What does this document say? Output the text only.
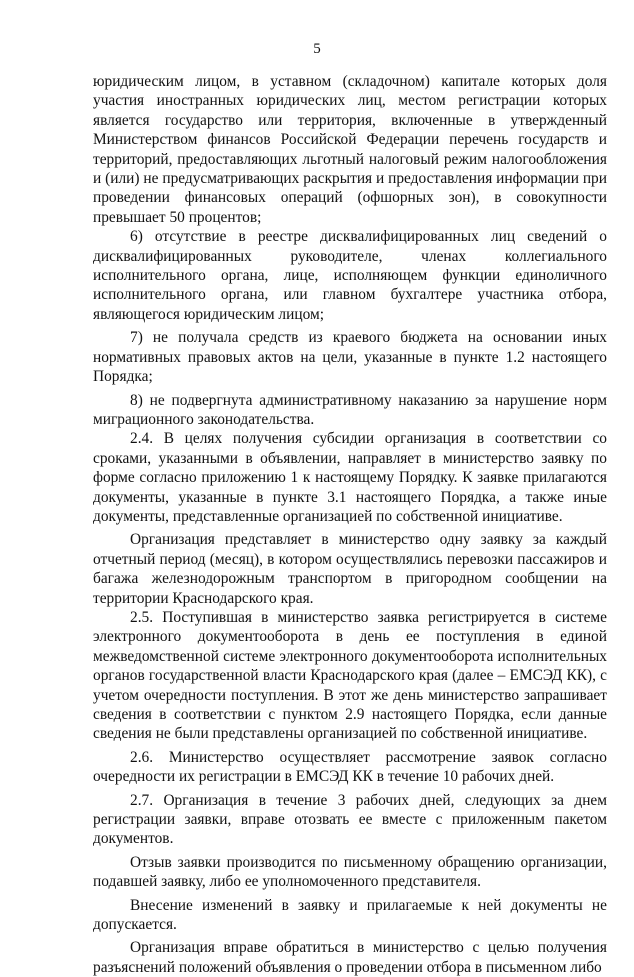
5

юридическим лицом, в уставном (складочном) капитале которых доля участия иностранных юридических лиц, местом регистрации которых является государство или территория, включенные в утвержденный Министерством финансов Российской Федерации перечень государств и территорий, предоставляющих льготный налоговый режим налогообложения и (или) не предусматривающих раскрытия и предоставления информации при проведении финансовых операций (офшорных зон), в совокупности превышает 50 процентов;

6) отсутствие в реестре дисквалифицированных лиц сведений о дисквалифицированных руководителе, членах коллегиального исполнительного органа, лице, исполняющем функции единоличного исполнительного органа, или главном бухгалтере участника отбора, являющегося юридическим лицом;

7) не получала средств из краевого бюджета на основании иных нормативных правовых актов на цели, указанные в пункте 1.2 настоящего Порядка;

8) не подвергнута административному наказанию за нарушение норм миграционного законодательства.

2.4. В целях получения субсидии организация в соответствии со сроками, указанными в объявлении, направляет в министерство заявку по форме согласно приложению 1 к настоящему Порядку. К заявке прилагаются документы, указанные в пункте 3.1 настоящего Порядка, а также иные документы, представленные организацией по собственной инициативе.

Организация представляет в министерство одну заявку за каждый отчетный период (месяц), в котором осуществлялись перевозки пассажиров и багажа железнодорожным транспортом в пригородном сообщении на территории Краснодарского края.

2.5. Поступившая в министерство заявка регистрируется в системе электронного документооборота в день ее поступления в единой межведомственной системе электронного документооборота исполнительных органов государственной власти Краснодарского края (далее – ЕМСЭД КК), с учетом очередности поступления. В этот же день министерство запрашивает сведения в соответствии с пунктом 2.9 настоящего Порядка, если данные сведения не были представлены организацией по собственной инициативе.

2.6. Министерство осуществляет рассмотрение заявок согласно очередности их регистрации в ЕМСЭД КК в течение 10 рабочих дней.

2.7. Организация в течение 3 рабочих дней, следующих за днем регистрации заявки, вправе отозвать ее вместе с приложенным пакетом документов.

Отзыв заявки производится по письменному обращению организации, подавшей заявку, либо ее уполномоченного представителя.

Внесение изменений в заявку и прилагаемые к ней документы не допускается.

Организация вправе обратиться в министерство с целью получения разъяснений положений объявления о проведении отбора в письменном либо
